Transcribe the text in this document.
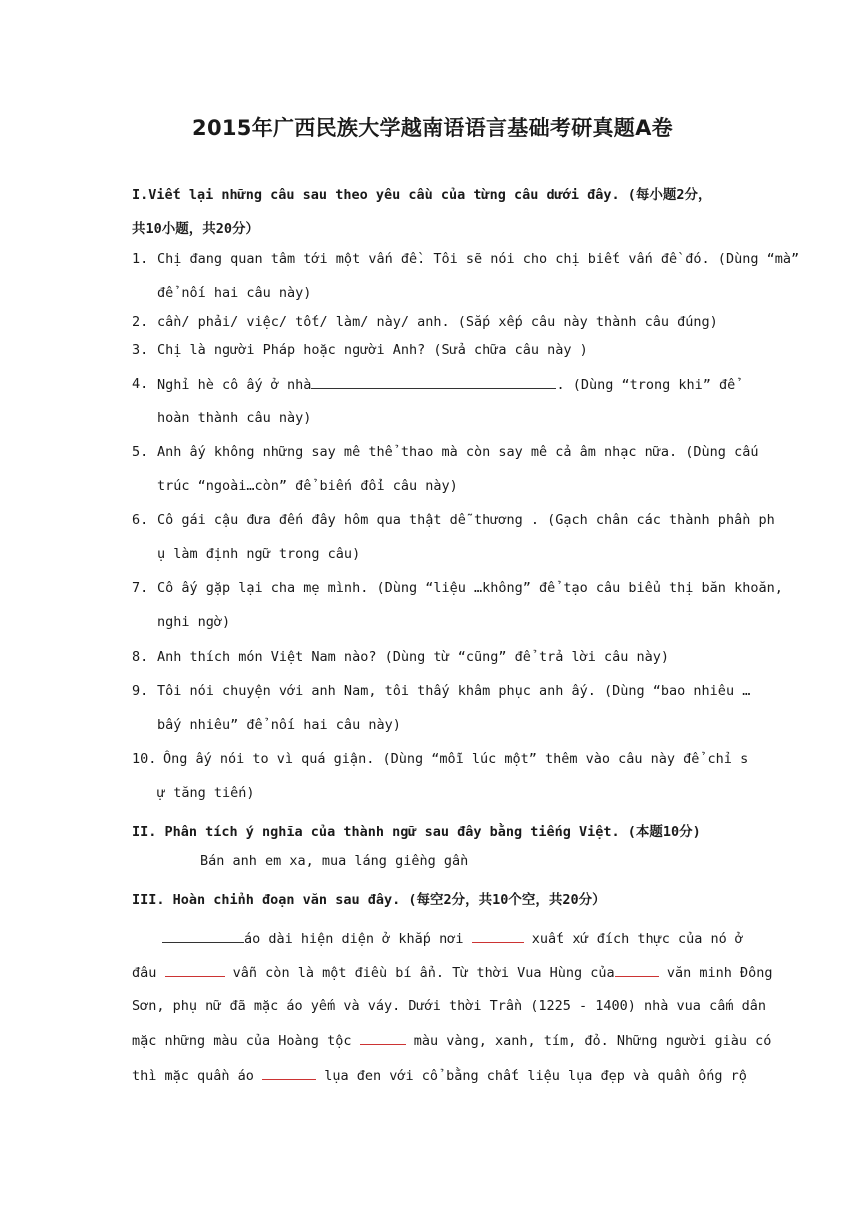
2015年广西民族大学越南语语言基础考研真题A卷
I.Viết lại những câu sau theo yêu cầu của từng câu dưới đây. (每小题2分，
共10小题，共20分）
1. Chị đang quan tâm tới một vấn đề. Tôi sẽ nói cho chị biết vấn đề đó. (Dùng “mà”
để nối hai câu này)
2. cần/ phải/ việc/ tốt/ làm/ này/ anh. (Sắp xếp câu này thành câu đúng)
3. Chị là người Pháp hoặc người Anh? (Sửa chữa câu này )
4. Nghỉ hè cô ấy ở nhà	. (Dùng “trong khi” để
hoàn thành câu này)
5. Anh ấy không những say mê thể thao mà còn say mê cả âm nhạc nữa. (Dùng cấu
trúc “ngoài…còn” để biến đổi câu này)
6. Cô gái cậu đưa đến đây hôm qua thật dễ thương . (Gạch chân các thành phần ph
ụ làm định ngữ trong câu)
7. Cô ấy gặp lại cha mẹ mình. (Dùng “liệu …không” để tạo câu biểu thị băn khoăn,
nghi ngờ)
8. Anh thích món Việt Nam nào? (Dùng từ “cũng” để trả lời câu này)
9. Tôi nói chuyện với anh Nam, tôi thấy khâm phục anh ấy. (Dùng “bao nhiêu …
bấy nhiêu” để nối hai câu này)
10. Ông ấy nói to vì quá giận. (Dùng “mỗi lúc một” thêm vào câu này để chỉ s
ự tăng tiến)
II. Phân tích ý nghĩa của thành ngữ sau đây bằng tiếng Việt. (本题10分)
Bán anh em xa, mua láng giềng gần
III. Hoàn chỉnh đoạn văn sau đây. (每空2分，共10个空，共20分）
áo dài hiện diện ở khắp nơi	xuất xứ đích thực của nó ở
đâu	vẫn còn là một điều bí ẩn. Từ thời Vua Hùng của	văn minh Đông
Sơn, phụ nữ đã mặc áo yếm và váy. Dưới thời Trần (1225 - 1400) nhà vua cấm dân
mặc những màu của Hoàng tộc	màu vàng, xanh, tím, đỏ. Những người giàu có
thì mặc quần áo	lụa đen với cổ bằng chất liệu lụa đẹp và quần ống rộ
